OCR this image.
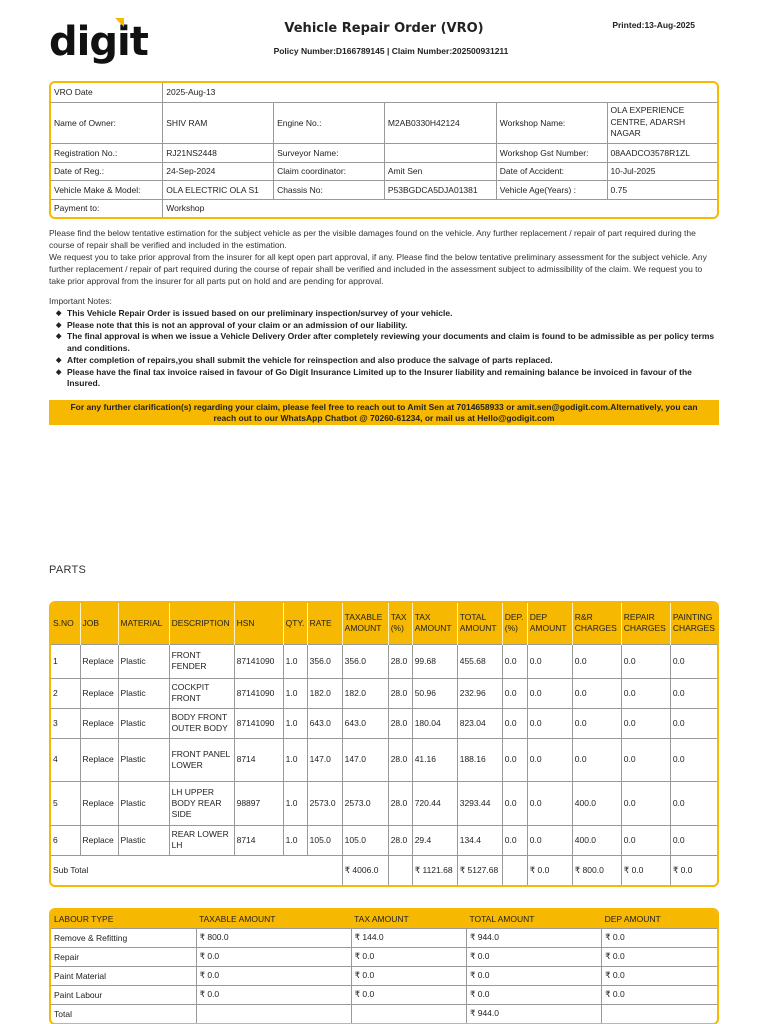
digit	Vehicle Repair Order (VRO)
Policy Number:D166789145 | Claim Number:202500931211
Printed:13-Aug-2025
VRO Date	2025-Aug-13				
Name of Owner:	SHIV RAM	Engine No.:	M2AB0330H42124	Workshop Name:	OLA EXPERIENCE CENTRE, ADARSH NAGAR
Registration No.:	RJ21NS2448	Surveyor Name:		Workshop Gst Number:	08AADCO3578R1ZL
Date of Reg.:	24-Sep-2024	Claim coordinator:	Amit Sen	Date of Accident:	10-Jul-2025
Vehicle Make & Model:	OLA ELECTRIC OLA S1	Chassis No:	P53BGDCA5DJA01381	Vehicle Age(Years) :	0.75
Payment to:	Workshop				
Please find the below tentative estimation for the subject vehicle as per the visible damages found on the vehicle. Any further replacement / repair of part required during the course of repair shall be verified and included in the estimation.
We request you to take prior approval from the insurer for all kept open part approval, if any. Please find the below tentative preliminary assessment for the subject vehicle. Any further replacement / repair of part required during the course of repair shall be verified and included in the assessment subject to admissibility of the claim. We request you to take prior approval from the insurer for all parts put on hold and are pending for approval.
Important Notes:
◆ This Vehicle Repair Order is issued based on our preliminary inspection/survey of your vehicle.
◆ Please note that this is not an approval of your claim or an admission of our liability.
◆ The final approval is when we issue a Vehicle Delivery Order after completely reviewing your documents and claim is found to be admissible as per policy terms and conditions.
◆ After completion of repairs,you shall submit the vehicle for reinspection and also produce the salvage of parts replaced.
◆ Please have the final tax invoice raised in favour of Go Digit Insurance Limited up to the Insurer liability and remaining balance be invoiced in favour of the Insured.
For any further clarification(s) regarding your claim, please feel free to reach out to Amit Sen at 7014658933 or amit.sen@godigit.com.Alternatively, you can reach out to our WhatsApp Chatbot @ 70260-61234, or mail us at Hello@godigit.com
PARTS
S.NO	JOB	MATERIAL	DESCRIPTION	HSN	QTY.	RATE	TAXABLE AMOUNT	TAX (%)	TAX AMOUNT	TOTAL AMOUNT	DEP. (%)	DEP AMOUNT	R&R CHARGES	REPAIR CHARGES	PAINTING CHARGES
1	Replace	Plastic	FRONT FENDER	87141090	1.0	356.0	356.0	28.0	99.68	455.68	0.0	0.0	0.0	0.0	0.0
2	Replace	Plastic	COCKPIT FRONT	87141090	1.0	182.0	182.0	28.0	50.96	232.96	0.0	0.0	0.0	0.0	0.0
3	Replace	Plastic	BODY FRONT OUTER BODY	87141090	1.0	643.0	643.0	28.0	180.04	823.04	0.0	0.0	0.0	0.0	0.0
4	Replace	Plastic	FRONT PANEL LOWER	8714	1.0	147.0	147.0	28.0	41.16	188.16	0.0	0.0	0.0	0.0	0.0
5	Replace	Plastic	LH UPPER BODY REAR SIDE	98897	1.0	2573.0	2573.0	28.0	720.44	3293.44	0.0	0.0	400.0	0.0	0.0
6	Replace	Plastic	REAR LOWER LH	8714	1.0	105.0	105.0	28.0	29.4	134.4	0.0	0.0	400.0	0.0	0.0
Sub Total							₹ 4006.0		₹ 1121.68	₹ 5127.68		₹ 0.0	₹ 800.0	₹ 0.0	₹ 0.0
LABOUR TYPE	TAXABLE AMOUNT	TAX AMOUNT	TOTAL AMOUNT	DEP AMOUNT
Remove & Refitting	₹ 800.0	₹ 144.0	₹ 944.0	₹ 0.0
Repair	₹ 0.0	₹ 0.0	₹ 0.0	₹ 0.0
Paint Material	₹ 0.0	₹ 0.0	₹ 0.0	₹ 0.0
Paint Labour	₹ 0.0	₹ 0.0	₹ 0.0	₹ 0.0
Total			₹ 944.0	
